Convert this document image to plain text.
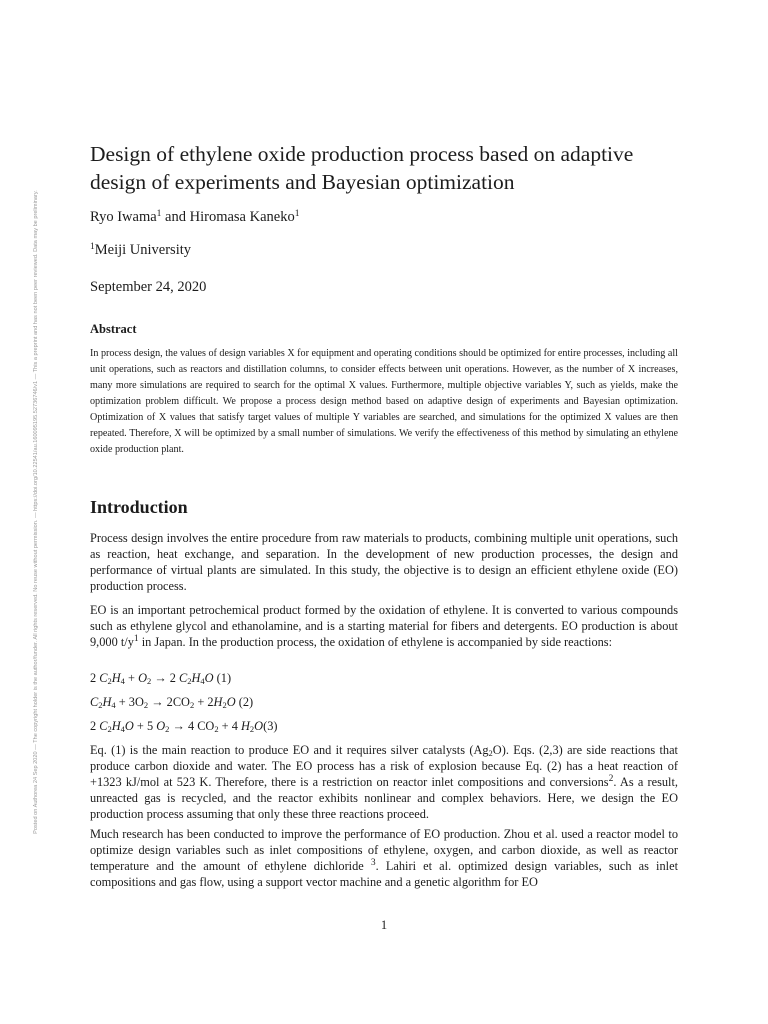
Posted on Authorea 24 Sep 2020 — The copyright holder is the author/funder. All rights reserved. No reuse without permission. — https://doi.org/10.22541/au.160095195.52736746/v1 — This a preprint and has not been peer reviewed. Data may be preliminary.
Design of ethylene oxide production process based on adaptive design of experiments and Bayesian optimization
Ryo Iwama$^1$ and Hiromasa Kaneko$^1$
$^1$Meiji University
September 24, 2020
Abstract

In process design, the values of design variables X for equipment and operating conditions should be optimized for entire processes, including all unit operations, such as reactors and distillation columns, to consider effects between unit operations. However, as the number of X increases, many more simulations are required to search for the optimal X values. Furthermore, multiple objective variables Y, such as yields, make the optimization problem difficult. We propose a process design method based on adaptive design of experiments and Bayesian optimization. Optimization of X values that satisfy target values of multiple Y variables are searched, and simulations for the optimized X values are then repeated. Therefore, X will be optimized by a small number of simulations. We verify the effectiveness of this method by simulating an ethylene oxide production plant.

Introduction

Process design involves the entire procedure from raw materials to products, combining multiple unit operations, such as reaction, heat exchange, and separation. In the development of new production processes, the design and performance of virtual plants are simulated. In this study, the objective is to design an efficient ethylene oxide (EO) production process.

EO is an important petrochemical product formed by the oxidation of ethylene. It is converted to various compounds such as ethylene glycol and ethanolamine, and is a starting material for fibers and detergents. EO production is about 9,000 $t/y^1$ in Japan. In the production process, the oxidation of ethylene is accompanied by side reactions:

2 $C_2H_4 + O_2 \to 2$ $C_2H_4O$ (1)
$C_2H_4 + 3O_2 \to 2CO_2 + 2H_2O$ (2)
2 $C_2H_4O + 5$ $O_2 \to 4$ $CO_2 + 4$ $H_2O(3)$

Eq. (1) is the main reaction to produce EO and it requires silver catalysts $(Ag_2O)$. Eqs. (2,3) are side reactions that produce carbon dioxide and water. The EO process has a risk of explosion because Eq. (2) has a heat reaction of +1323 kJ/mol at 523 K. Therefore, there is a restriction on reactor inlet compositions and conversions$^2$. As a result, unreacted gas is recycled, and the reactor exhibits nonlinear and complex behaviors. Here, we design the EO production process assuming that only these three reactions proceed.

Much research has been conducted to improve the performance of EO production. Zhou et al. used a reactor model to optimize design variables such as inlet compositions of ethylene, oxygen, and carbon dioxide, as well as reactor temperature and the amount of ethylene dichloride $^3$. Lahiri et al. optimized design variables, such as inlet compositions and gas flow, using a support vector machine and a genetic algorithm for EO

1
